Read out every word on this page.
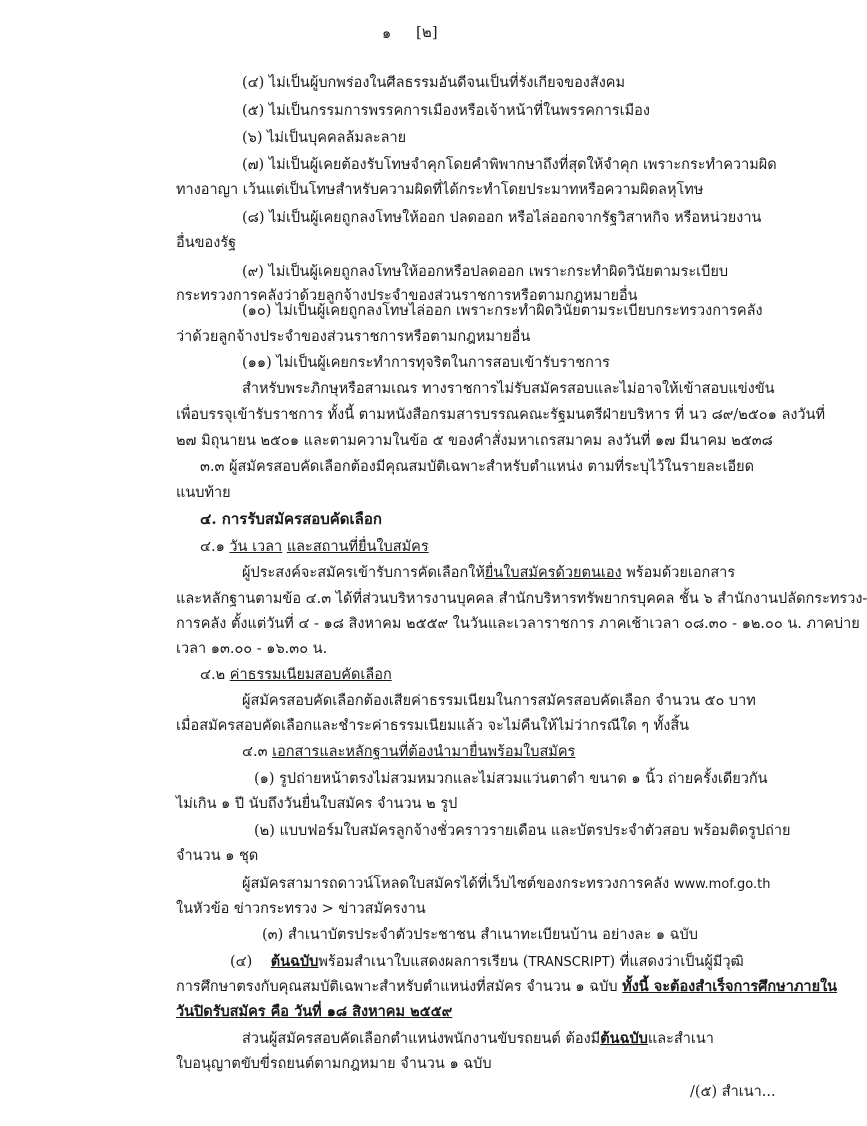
๑ [๒]
(๔) ไม่เป็นผู้บกพร่องในศีลธรรมอันดีจนเป็นที่รังเกียจของสังคม
(๕) ไม่เป็นกรรมการพรรคการเมืองหรือเจ้าหน้าที่ในพรรคการเมือง
(๖) ไม่เป็นบุคคลล้มละลาย
(๗) ไม่เป็นผู้เคยต้องรับโทษจำคุกโดยคำพิพากษาถึงที่สุดให้จำคุก เพราะกระทำความผิด
ทางอาญา เว้นแต่เป็นโทษสำหรับความผิดที่ได้กระทำโดยประมาทหรือความผิดลหุโทษ
(๘) ไม่เป็นผู้เคยถูกลงโทษให้ออก ปลดออก หรือไล่ออกจากรัฐวิสาหกิจ หรือหน่วยงาน
อื่นของรัฐ
(๙) ไม่เป็นผู้เคยถูกลงโทษให้ออกหรือปลดออก เพราะกระทำผิดวินัยตามระเบียบ
กระทรวงการคลังว่าด้วยลูกจ้างประจำของส่วนราชการหรือตามกฎหมายอื่น
(๑๐) ไม่เป็นผู้เคยถูกลงโทษไล่ออก เพราะกระทำผิดวินัยตามระเบียบกระทรวงการคลัง
ว่าด้วยลูกจ้างประจำของส่วนราชการหรือตามกฎหมายอื่น
(๑๑) ไม่เป็นผู้เคยกระทำการทุจริตในการสอบเข้ารับราชการ
สำหรับพระภิกษุหรือสามเณร ทางราชการไม่รับสมัครสอบและไม่อาจให้เข้าสอบแข่งขัน
เพื่อบรรจุเข้ารับราชการ ทั้งนี้ ตามหนังสือกรมสารบรรณคณะรัฐมนตรีฝ่ายบริหาร ที่ นว ๘๙/๒๕๐๑ ลงวันที่
๒๗ มิถุนายน ๒๕๐๑ และตามความในข้อ ๕ ของคำสั่งมหาเถรสมาคม ลงวันที่ ๑๗ มีนาคม ๒๕๓๘
๓.๓ ผู้สมัครสอบคัดเลือกต้องมีคุณสมบัติเฉพาะสำหรับตำแหน่ง ตามที่ระบุไว้ในรายละเอียด
แนบท้าย
๔. การรับสมัครสอบคัดเลือก
๔.๑ วัน เวลา และสถานที่ยื่นใบสมัคร
ผู้ประสงค์จะสมัครเข้ารับการคัดเลือกให้ยื่นใบสมัครด้วยตนเอง พร้อมด้วยเอกสาร
และหลักฐานตามข้อ ๔.๓ ได้ที่ส่วนบริหารงานบุคคล สำนักบริหารทรัพยากรบุคคล ชั้น ๖ สำนักงานปลัดกระทรวง-
การคลัง ตั้งแต่วันที่ ๔ - ๑๘ สิงหาคม ๒๕๕๙ ในวันและเวลาราชการ ภาคเช้าเวลา ๐๘.๓๐ - ๑๒.๐๐ น. ภาคบ่าย
เวลา ๑๓.๐๐ - ๑๖.๓๐ น.
๔.๒ ค่าธรรมเนียมสอบคัดเลือก
ผู้สมัครสอบคัดเลือกต้องเสียค่าธรรมเนียมในการสมัครสอบคัดเลือก จำนวน ๕๐ บาท
เมื่อสมัครสอบคัดเลือกและชำระค่าธรรมเนียมแล้ว จะไม่คืนให้ไม่ว่ากรณีใด ๆ ทั้งสิ้น
๔.๓ เอกสารและหลักฐานที่ต้องนำมายื่นพร้อมใบสมัคร
(๑) รูปถ่ายหน้าตรงไม่สวมหมวกและไม่สวมแว่นตาดำ ขนาด ๑ นิ้ว ถ่ายครั้งเดียวกัน
ไม่เกิน ๑ ปี นับถึงวันยื่นใบสมัคร จำนวน ๒ รูป
(๒) แบบฟอร์มใบสมัครลูกจ้างชั่วคราวรายเดือน และบัตรประจำตัวสอบ พร้อมติดรูปถ่าย
จำนวน ๑ ชุด
ผู้สมัครสามารถดาวน์โหลดใบสมัครได้ที่เว็บไซต์ของกระทรวงการคลัง www.mof.go.th
ในหัวข้อ ข่าวกระทรวง > ข่าวสมัครงาน
(๓) สำเนาบัตรประจำตัวประชาชน สำเนาทะเบียนบ้าน อย่างละ ๑ ฉบับ
(๔) ต้นฉบับพร้อมสำเนาใบแสดงผลการเรียน (TRANSCRIPT) ที่แสดงว่าเป็นผู้มีวุฒิ
การศึกษาตรงกับคุณสมบัติเฉพาะสำหรับตำแหน่งที่สมัคร จำนวน ๑ ฉบับ ทั้งนี้ จะต้องสำเร็จการศึกษาภายใน
วันปิดรับสมัคร คือ วันที่ ๑๘ สิงหาคม ๒๕๕๙
ส่วนผู้สมัครสอบคัดเลือกตำแหน่งพนักงานขับรถยนต์ ต้องมีต้นฉบับและสำเนา
ใบอนุญาตขับขี่รถยนต์ตามกฎหมาย จำนวน ๑ ฉบับ
/(๕) สำเนา...
